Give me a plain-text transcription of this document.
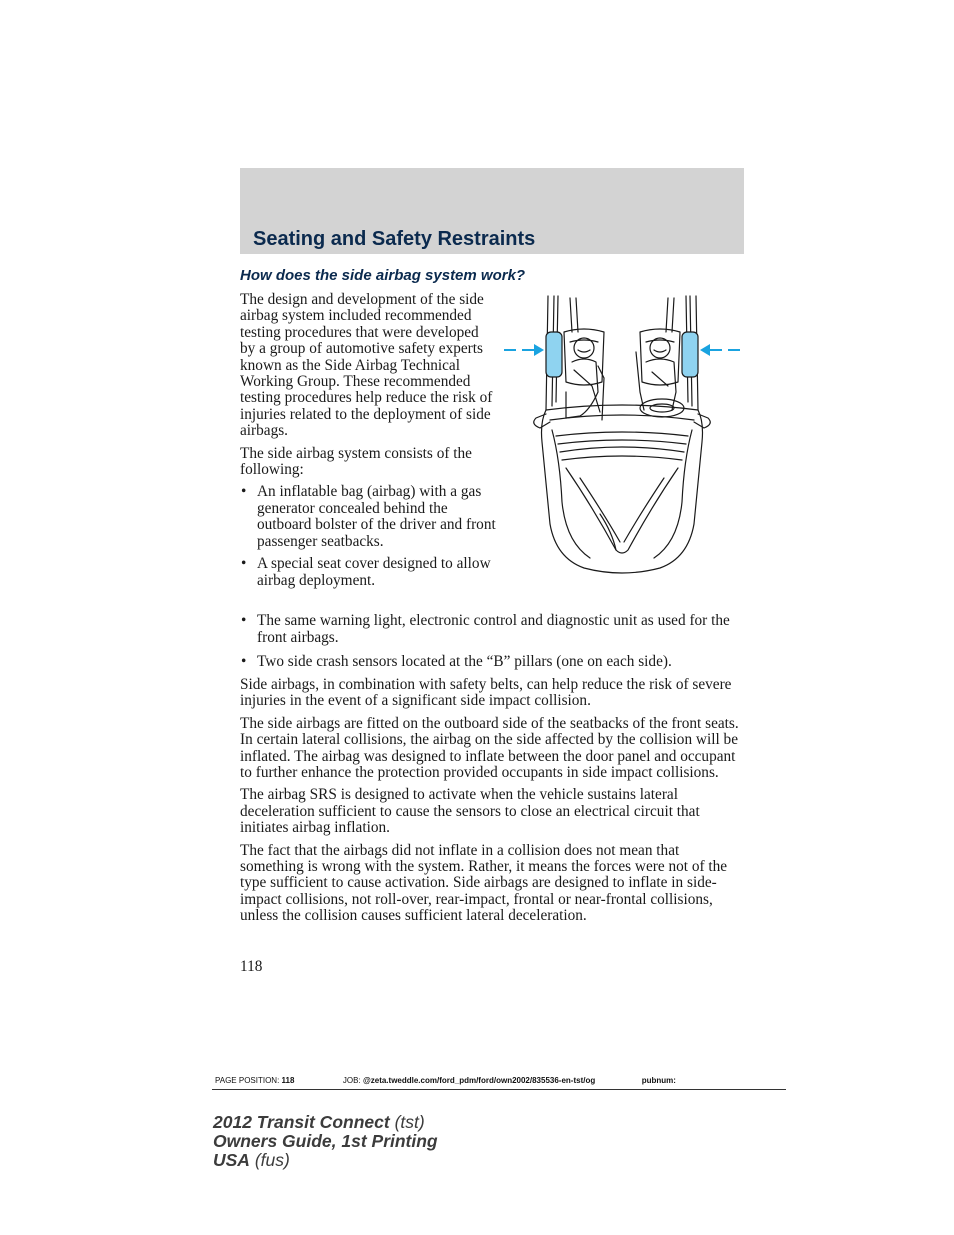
Seating and Safety Restraints
How does the side airbag system work?

The design and development of the side airbag system included recommended testing procedures that were developed by a group of automotive safety experts known as the Side Airbag Technical Working Group. These recommended testing procedures help reduce the risk of injuries related to the deployment of side airbags.

The side airbag system consists of the following:

• An inflatable bag (airbag) with a gas generator concealed behind the outboard bolster of the driver and front passenger seatbacks.
• A special seat cover designed to allow airbag deployment.
• The same warning light, electronic control and diagnostic unit as used for the front airbags.
• Two side crash sensors located at the “B” pillars (one on each side).

Side airbags, in combination with safety belts, can help reduce the risk of severe injuries in the event of a significant side impact collision.

The side airbags are fitted on the outboard side of the seatbacks of the front seats. In certain lateral collisions, the airbag on the side affected by the collision will be inflated. The airbag was designed to inflate between the door panel and occupant to further enhance the protection provided occupants in side impact collisions.

The airbag SRS is designed to activate when the vehicle sustains lateral deceleration sufficient to cause the sensors to close an electrical circuit that initiates airbag inflation.

The fact that the airbags did not inflate in a collision does not mean that something is wrong with the system. Rather, it means the forces were not of the type sufficient to cause activation. Side airbags are designed to inflate in side-impact collisions, not roll-over, rear-impact, frontal or near-frontal collisions, unless the collision causes sufficient lateral deceleration.

118
PAGE POSITION: 118	JOB: @zeta.tweddle.com/ford_pdm/ford/own2002/835536-en-tst/og	pubnum:
2012 Transit Connect (tst)
Owners Guide, 1st Printing
USA (fus)
